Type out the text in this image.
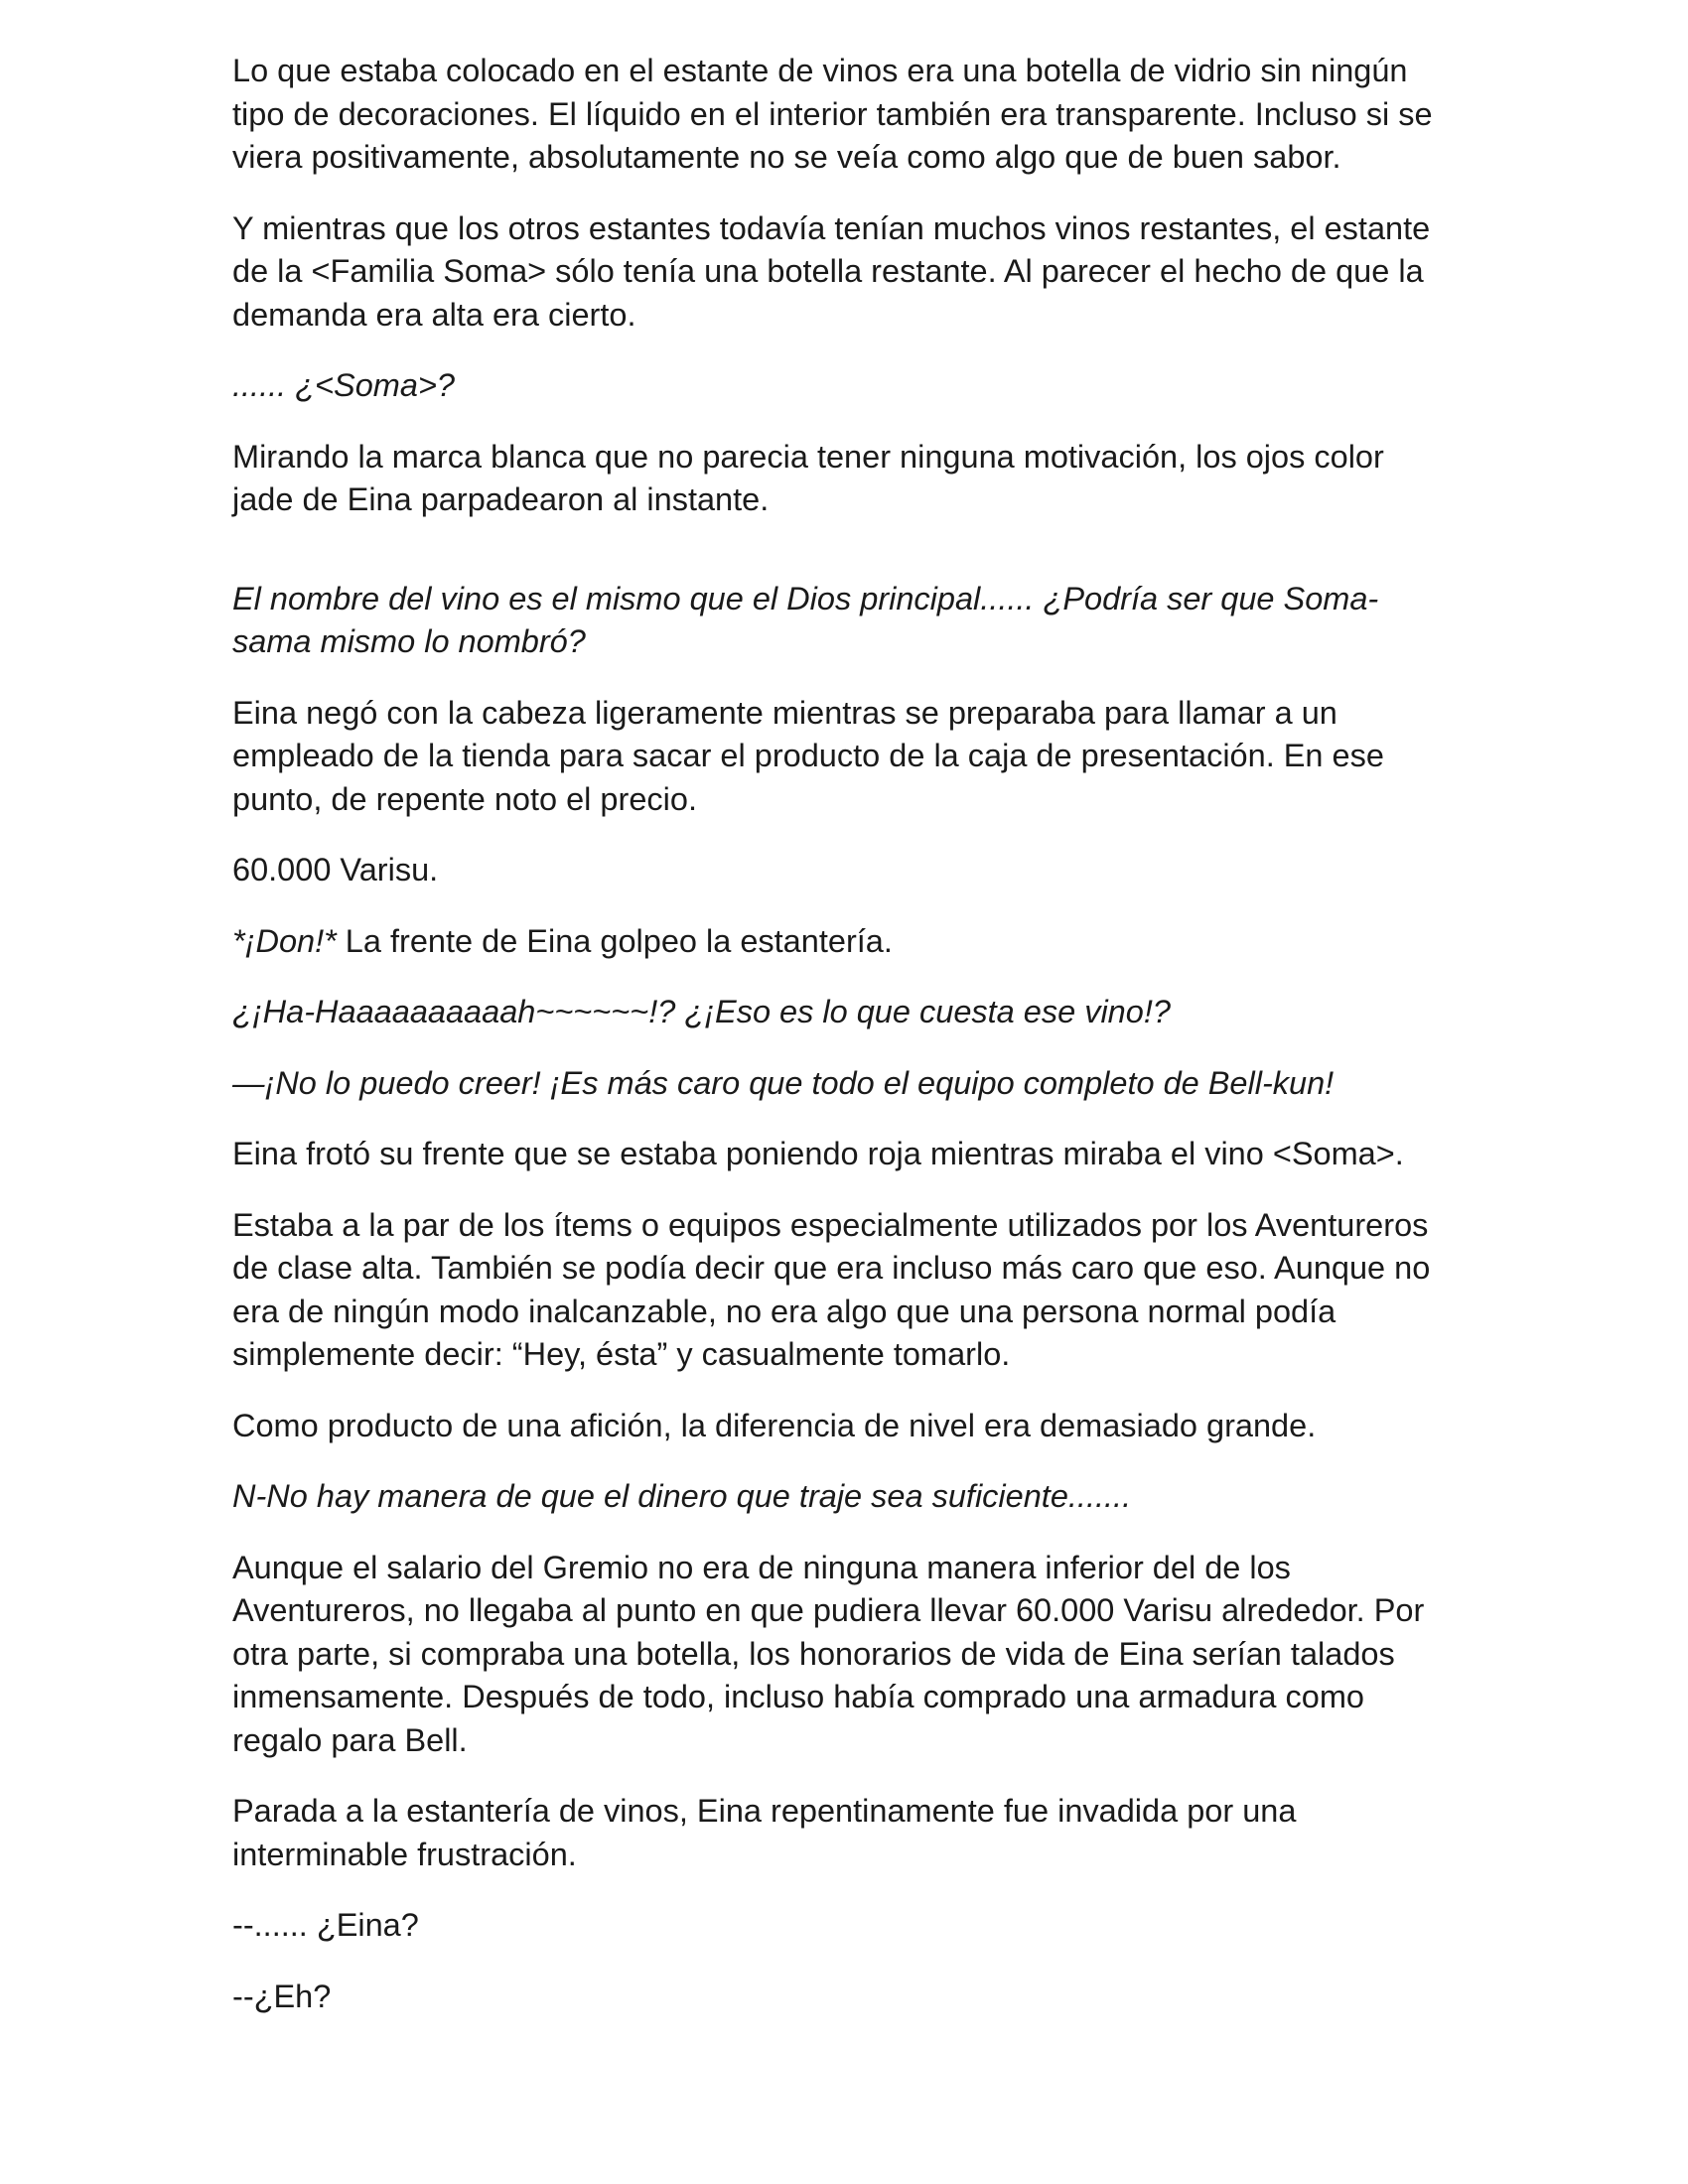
Lo que estaba colocado en el estante de vinos era una botella de vidrio sin ningún tipo de decoraciones. El líquido en el interior también era transparente. Incluso si se viera positivamente, absolutamente no se veía como algo que de buen sabor.

Y mientras que los otros estantes todavía tenían muchos vinos restantes, el estante de la <Familia Soma> sólo tenía una botella restante. Al parecer el hecho de que la demanda era alta era cierto.

...... ¿<Soma>?

Mirando la marca blanca que no parecia tener ninguna motivación, los ojos color jade de Eina parpadearon al instante.

El nombre del vino es el mismo que el Dios principal...... ¿Podría ser que Soma-sama mismo lo nombró?

Eina negó con la cabeza ligeramente mientras se preparaba para llamar a un empleado de la tienda para sacar el producto de la caja de presentación. En ese punto, de repente noto el precio.

60.000 Varisu.

*¡Don!* La frente de Eina golpeo la estantería.

¿¡Ha-Haaaaaaaaaah~~~~~~!? ¿¡Eso es lo que cuesta ese vino!?

—¡No lo puedo creer! ¡Es más caro que todo el equipo completo de Bell-kun!

Eina frotó su frente que se estaba poniendo roja mientras miraba el vino <Soma>.

Estaba a la par de los ítems o equipos especialmente utilizados por los Aventureros de clase alta. También se podía decir que era incluso más caro que eso. Aunque no era de ningún modo inalcanzable, no era algo que una persona normal podía simplemente decir: “Hey, ésta” y casualmente tomarlo.

Como producto de una afición, la diferencia de nivel era demasiado grande.

N-No hay manera de que el dinero que traje sea suficiente.......

Aunque el salario del Gremio no era de ninguna manera inferior del de los Aventureros, no llegaba al punto en que pudiera llevar 60.000 Varisu alrededor. Por otra parte, si compraba una botella, los honorarios de vida de Eina serían talados inmensamente. Después de todo, incluso había comprado una armadura como regalo para Bell.

Parada a la estantería de vinos, Eina repentinamente fue invadida por una interminable frustración.

--...... ¿Eina?

--¿Eh?
